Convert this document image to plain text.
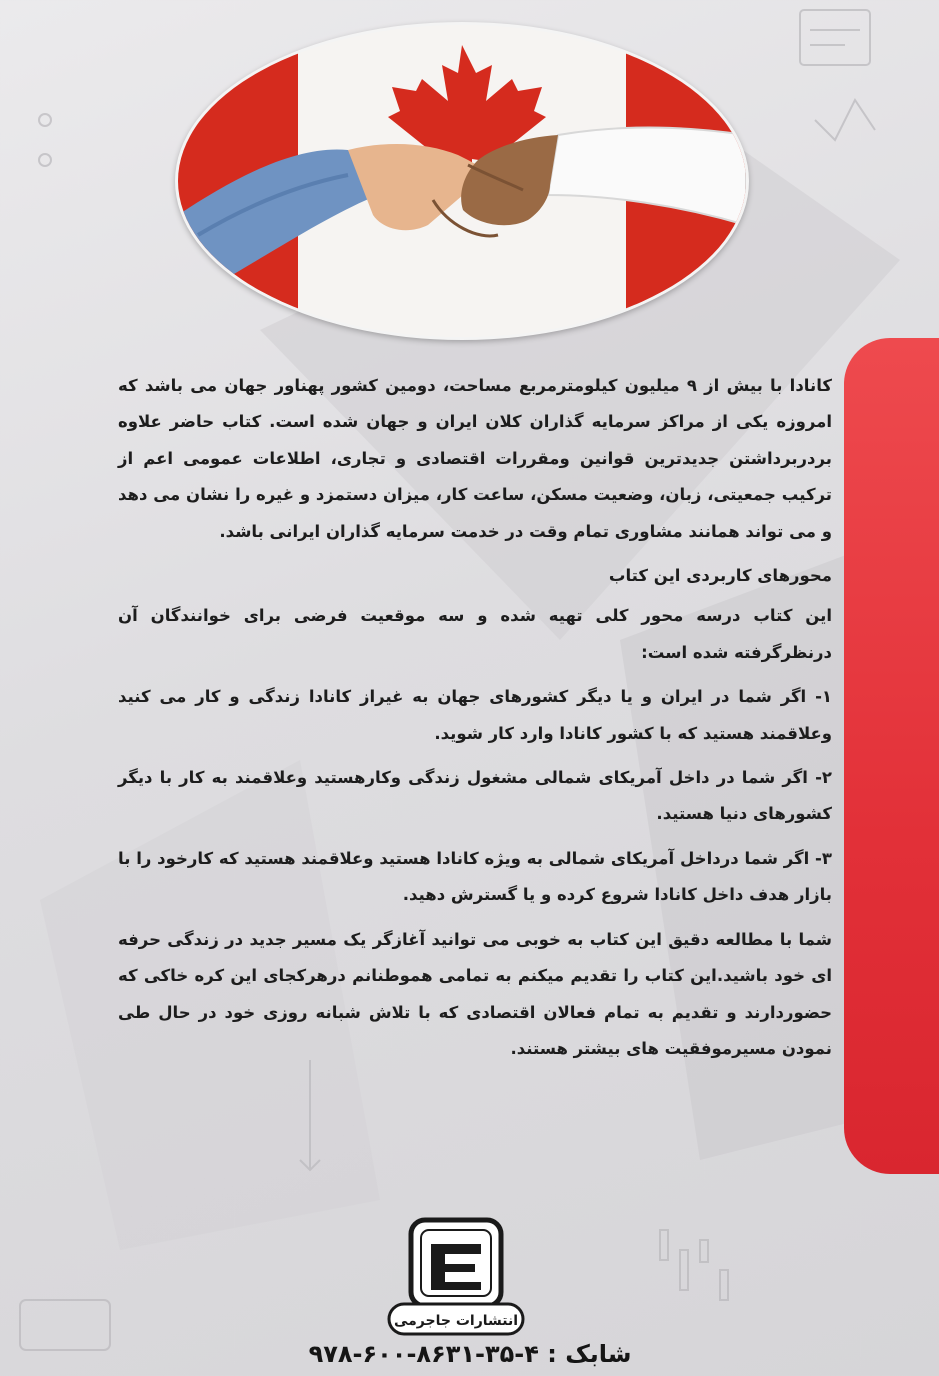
کانادا با بیش از ۹ میلیون کیلومترمربع مساحت، دومین کشور پهناور جهان می باشد که امروزه یکی از مراکز سرمایه گذاران کلان ایران و جهان شده است. کتاب حاضر علاوه بردربرداشتن جدیدترین قوانین ومقررات اقتصادی و تجاری، اطلاعات عمومی اعم از ترکیب جمعیتی، زبان، وضعیت مسکن، ساعت کار، میزان دستمزد و غیره را نشان می دهد و می تواند همانند مشاوری تمام وقت در خدمت سرمایه گذاران ایرانی باشد.

محورهای کاربردی این کتاب

این کتاب درسه محور کلی تهیه شده و سه موقعیت فرضی برای خوانندگان آن درنظرگرفته شده است:

۱- اگر شما در ایران و یا دیگر کشورهای جهان به غیراز کانادا زندگی و کار می کنید وعلاقمند هستید که با کشور کانادا وارد کار شوید.

۲- اگر شما در داخل آمریکای شمالی مشغول زندگی وکارهستید وعلاقمند به کار با دیگر کشورهای دنیا هستید.

۳- اگر شما درداخل آمریکای شمالی به ویژه کانادا هستید وعلاقمند هستید که کارخود را با بازار هدف داخل کانادا شروع کرده و یا گسترش دهید.

شما با مطالعه دقیق این کتاب به خوبی می توانید آغازگر یک مسیر جدید در زندگی حرفه ای خود باشید.این کتاب را تقدیم میکنم به تمامی هموطنانم درهرکجای این کره خاکی که حضوردارند و تقدیم به تمام فعالان اقتصادی که با تلاش شبانه روزی خود در حال طی نمودن مسیرموفقیت های بیشتر هستند.

انتشارات جاجرمی
شابک : ۴-۳۵-۸۶۳۱-۶۰۰-۹۷۸
